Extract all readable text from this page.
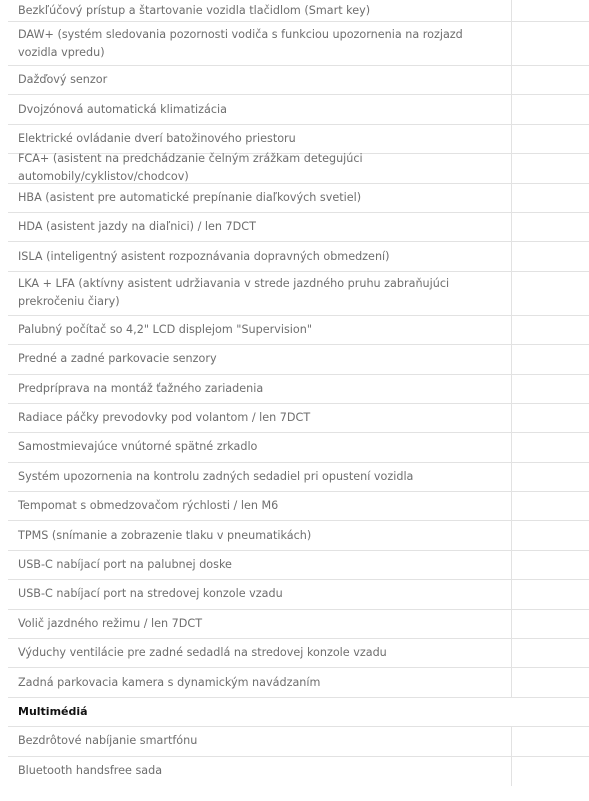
Bezkľúčový prístup a štartovanie vozidla tlačidlom (Smart key)
DAW+ (systém sledovania pozornosti vodiča s funkciou upozornenia na rozjazd vozidla vpredu)
Dažďový senzor
Dvojzónová automatická klimatizácia
Elektrické ovládanie dverí batožinového priestoru
FCA+ (asistent na predchádzanie čelným zrážkam detegujúci automobily/cyklistov/chodcov)
HBA (asistent pre automatické prepínanie diaľkových svetiel)
HDA (asistent jazdy na diaľnici) / len 7DCT
ISLA (inteligentný asistent rozpoznávania dopravných obmedzení)
LKA + LFA (aktívny asistent udržiavania v strede jazdného pruhu zabraňujúci prekročeniu čiary)
Palubný počítač so 4,2" LCD displejom "Supervision"
Predné a zadné parkovacie senzory
Predpríprava na montáž ťažného zariadenia
Radiace páčky prevodovky pod volantom / len 7DCT
Samostmievajúce vnútorné spätné zrkadlo
Systém upozornenia na kontrolu zadných sedadiel pri opustení vozidla
Tempomat s obmedzovačom rýchlosti / len M6
TPMS (snímanie a zobrazenie tlaku v pneumatikách)
USB-C nabíjací port na palubnej doske
USB-C nabíjací port na stredovej konzole vzadu
Volič jazdného režimu / len 7DCT
Výduchy ventilácie pre zadné sedadlá na stredovej konzole vzadu
Zadná parkovacia kamera s dynamickým navádzaním
Multimédiá
Bezdrôtové nabíjanie smartfónu
Bluetooth handsfree sada
